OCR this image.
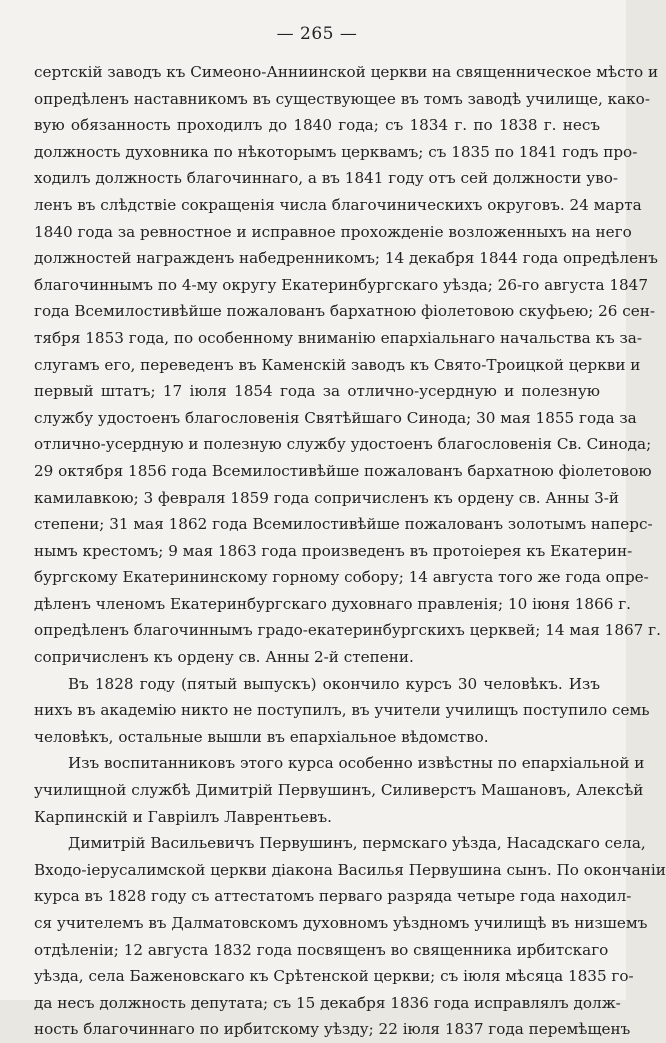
— 265 —
сертскій заводъ къ Симеоно-Анниинской церкви на священническое мѣсто и
опредѣленъ наставникомъ въ существующее въ томъ заводѣ училище, како-
вую обязанность проходилъ до 1840 года; съ 1834 г. по 1838 г. несъ
должность духовника по нѣкоторымъ церквамъ; съ 1835 по 1841 годъ про-
ходилъ должность благочиннаго, а въ 1841 году отъ сей должности уво-
ленъ въ слѣдствіе сокращенія числа благочиническихъ округовъ. 24 марта
1840 года за ревностное и исправное прохожденіе возложенныхъ на него
должностей награжденъ набедренникомъ; 14 декабря 1844 года опредѣленъ
благочиннымъ по 4-му округу Екатеринбургскаго уѣзда; 26-го августа 1847
года Всемилостивѣйше пожалованъ бархатною фіолетовою скуфьею; 26 сен-
тября 1853 года, по особенному вниманію епархіальнаго начальства къ за-
слугамъ его, переведенъ въ Каменскій заводъ къ Свято-Троицкой церкви и
первый штатъ; 17 іюля 1854 года за отлично-усердную и полезную
службу удостоенъ благословенія Святѣйшаго Синода; 30 мая 1855 года за
отлично-усердную и полезную службу удостоенъ благословенія Св. Синода;
29 октября 1856 года Всемилостивѣйше пожалованъ бархатною фіолетовою
камилавкою; 3 февраля 1859 года сопричисленъ къ ордену св. Анны 3-й
степени; 31 мая 1862 года Всемилостивѣйше пожалованъ золотымъ наперс-
нымъ крестомъ; 9 мая 1863 года произведенъ въ протоіерея къ Екатерин-
бургскому Екатерининскому горному собору; 14 августа того же года опре-
дѣленъ членомъ Екатеринбургскаго духовнаго правленія; 10 іюня 1866 г.
опредѣленъ благочиннымъ градо-екатеринбургскихъ церквей; 14 мая 1867 г.
сопричисленъ къ ордену св. Анны 2-й степени.
Въ 1828 году (пятый выпускъ) окончило курсъ 30 человѣкъ. Изъ
нихъ въ академію никто не поступилъ, въ учители училищъ поступило семь
человѣкъ, остальные вышли въ епархіальное вѣдомство.
Изъ воспитанниковъ этого курса особенно извѣстны по епархіальной и
училищной службѣ Димитрій Первушинъ, Силиверстъ Машановъ, Алексѣй
Карпинскій и Гавріилъ Лаврентьевъ.
Димитрій Васильевичъ Первушинъ, пермскаго уѣзда, Насадскаго села,
Входо-іерусалимской церкви діакона Василья Первушина сынъ. По окончаніи
курса въ 1828 году съ аттестатомъ перваго разряда четыре года находил-
ся учителемъ въ Далматовскомъ духовномъ уѣздномъ училищѣ въ низшемъ
отдѣленіи; 12 августа 1832 года посвященъ во священника ирбитскаго
уѣзда, села Баженовскаго къ Срѣтенской церкви; съ іюля мѣсяца 1835 го-
да несъ должность депутата; съ 15 декабря 1836 года исправлялъ долж-
ность благочиннаго по ирбитскому уѣзду; 22 іюля 1837 года перемѣщенъ
